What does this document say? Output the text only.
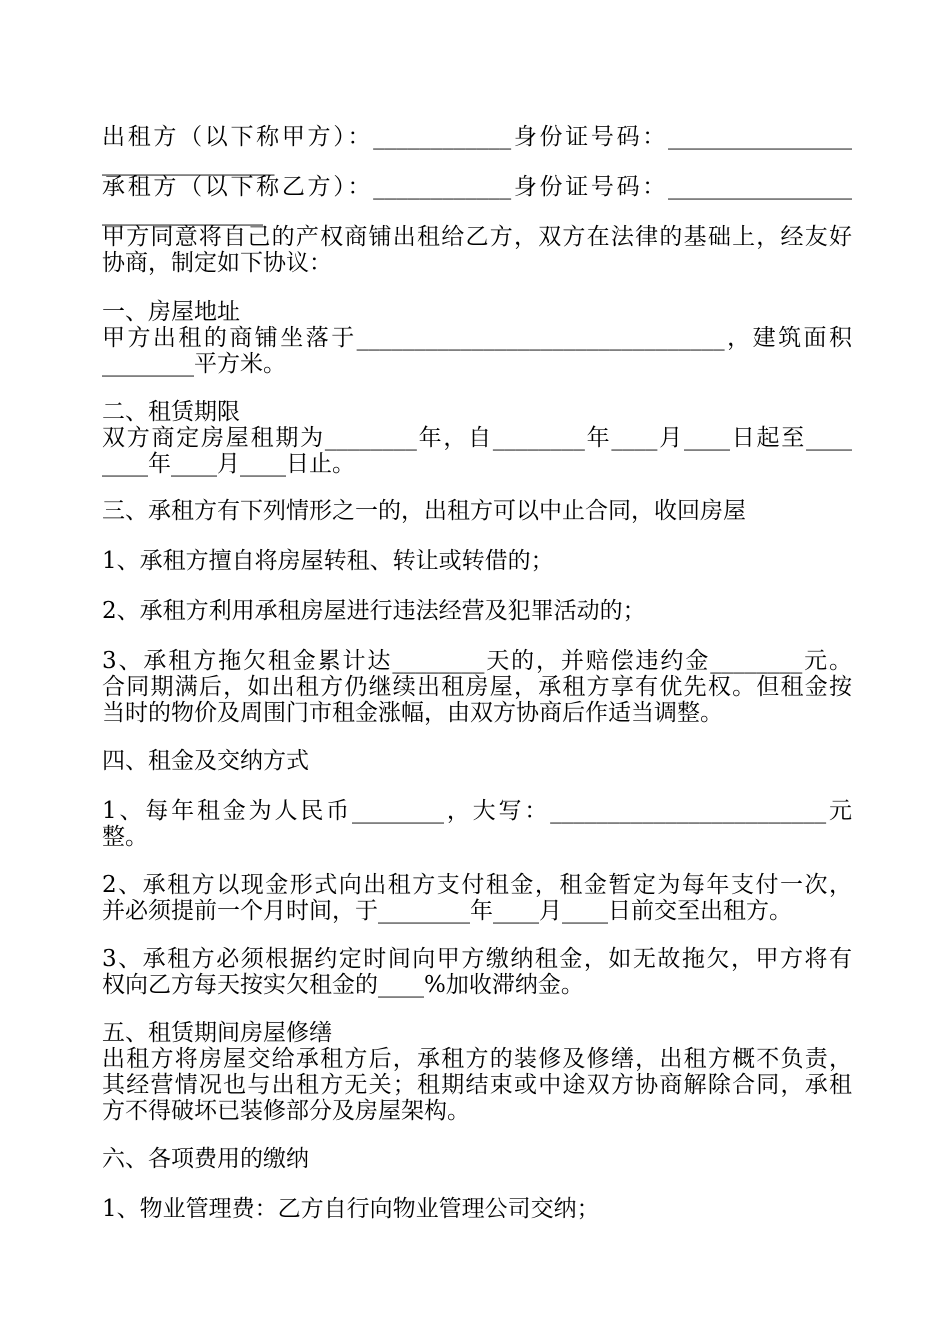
出租方（以下称甲方）：____________身份证号码：________________
_______________
承租方（以下称乙方）：____________身份证号码：________________
______________
甲方同意将自己的产权商铺出租给乙方，双方在法律的基础上，经友好
协商，制定如下协议：
一、房屋地址
甲方出租的商铺坐落于________________________________，建筑面积
________平方米。
二、租赁期限
双方商定房屋租期为________年，自________年____月____日起至____
____年____月____日止。
三、承租方有下列情形之一的，出租方可以中止合同，收回房屋
1、承租方擅自将房屋转租、转让或转借的；
2、承租方利用承租房屋进行违法经营及犯罪活动的；
3、承租方拖欠租金累计达________天的，并赔偿违约金________元。
合同期满后，如出租方仍继续出租房屋，承租方享有优先权。但租金按
当时的物价及周围门市租金涨幅，由双方协商后作适当调整。
四、租金及交纳方式
1、每年租金为人民币________，大写：________________________元
整。
2、承租方以现金形式向出租方支付租金，租金暂定为每年支付一次，
并必须提前一个月时间，于________年____月____日前交至出租方。
3、承租方必须根据约定时间向甲方缴纳租金，如无故拖欠，甲方将有
权向乙方每天按实欠租金的____%加收滞纳金。
五、租赁期间房屋修缮
出租方将房屋交给承租方后，承租方的装修及修缮，出租方概不负责，
其经营情况也与出租方无关；租期结束或中途双方协商解除合同，承租
方不得破坏已装修部分及房屋架构。
六、各项费用的缴纳
1、物业管理费：乙方自行向物业管理公司交纳；
